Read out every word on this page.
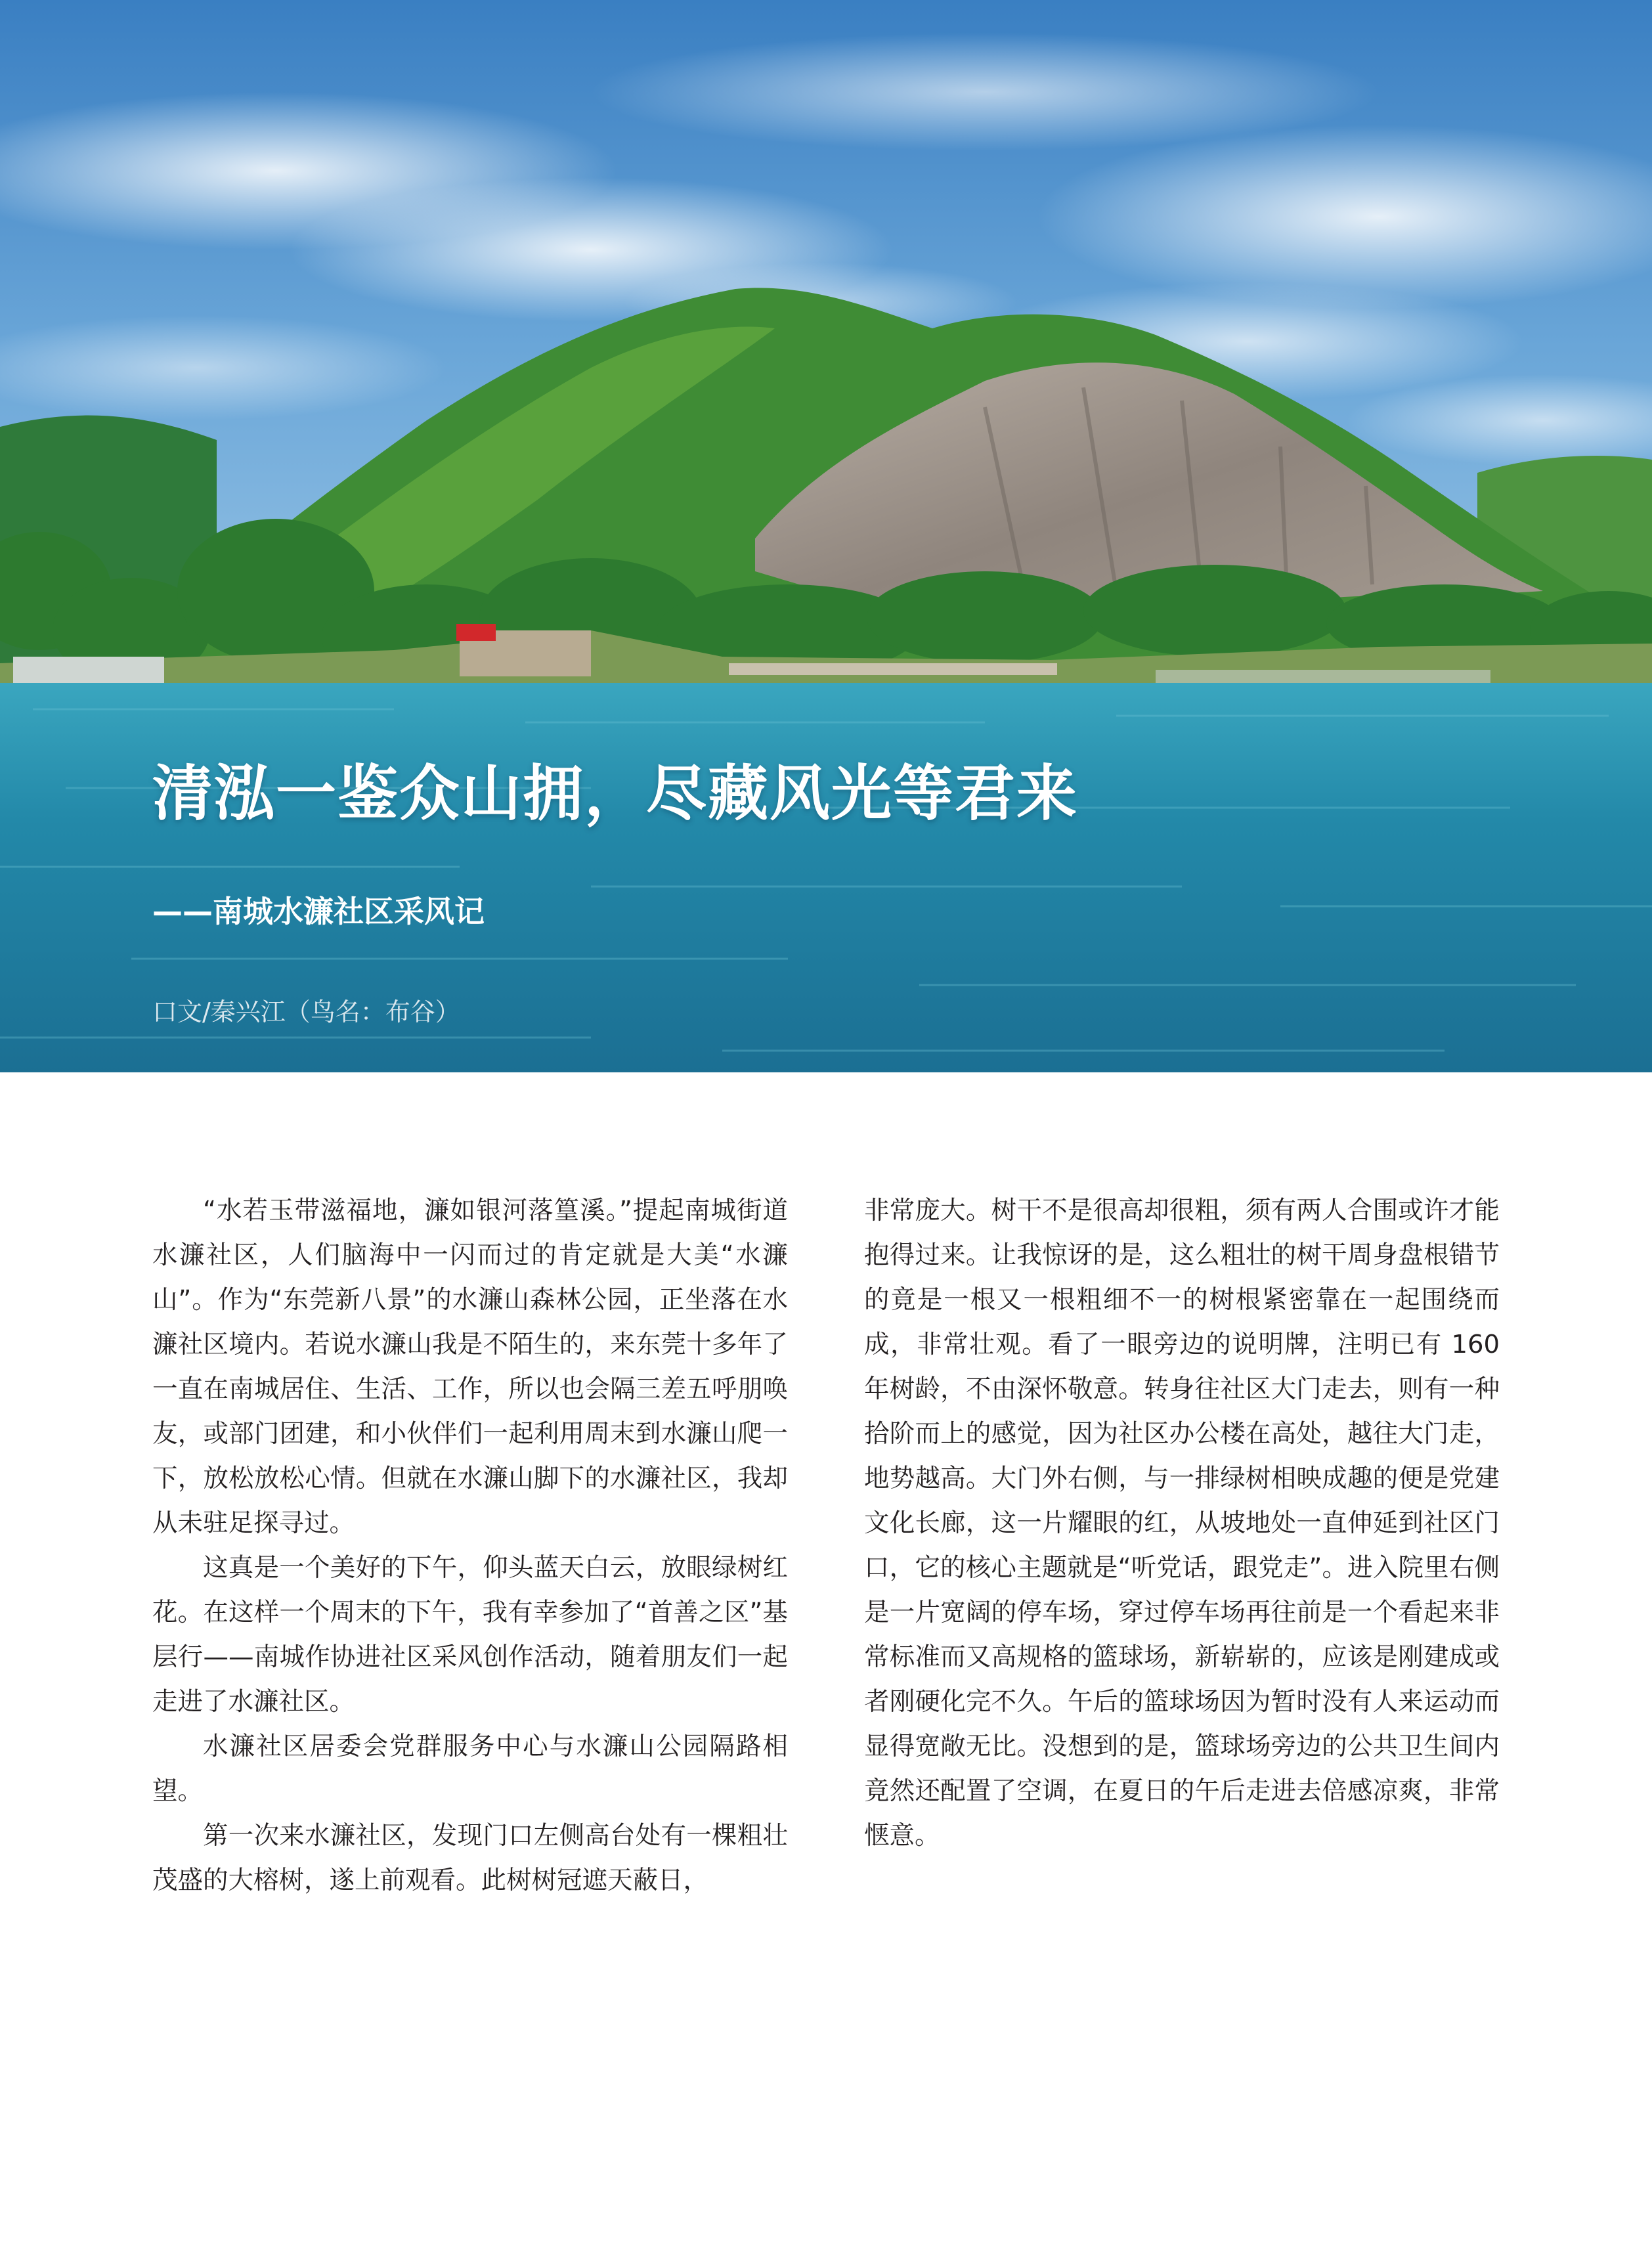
清泓一鉴众山拥，尽藏风光等君来
——南城水濂社区采风记
口文/秦兴江（鸟名：布谷）

“水若玉带滋福地，濂如银河落篁溪。”提起南城街道水濂社区，人们脑海中一闪而过的肯定就是大美“水濂山”。作为“东莞新八景”的水濂山森林公园，正坐落在水濂社区境内。若说水濂山我是不陌生的，来东莞十多年了一直在南城居住、生活、工作，所以也会隔三差五呼朋唤友，或部门团建，和小伙伴们一起利用周末到水濂山爬一下，放松放松心情。但就在水濂山脚下的水濂社区，我却从未驻足探寻过。

这真是一个美好的下午，仰头蓝天白云，放眼绿树红花。在这样一个周末的下午，我有幸参加了“首善之区”基层行——南城作协进社区采风创作活动，随着朋友们一起走进了水濂社区。

水濂社区居委会党群服务中心与水濂山公园隔路相望。

第一次来水濂社区，发现门口左侧高台处有一棵粗壮茂盛的大榕树，遂上前观看。此树树冠遮天蔽日，

非常庞大。树干不是很高却很粗，须有两人合围或许才能抱得过来。让我惊讶的是，这么粗壮的树干周身盘根错节的竟是一根又一根粗细不一的树根紧密靠在一起围绕而成，非常壮观。看了一眼旁边的说明牌，注明已有 160 年树龄，不由深怀敬意。转身往社区大门走去，则有一种拾阶而上的感觉，因为社区办公楼在高处，越往大门走，地势越高。大门外右侧，与一排绿树相映成趣的便是党建文化长廊，这一片耀眼的红，从坡地处一直伸延到社区门口，它的核心主题就是“听党话，跟党走”。进入院里右侧是一片宽阔的停车场，穿过停车场再往前是一个看起来非常标准而又高规格的篮球场，新崭崭的，应该是刚建成或者刚硬化完不久。午后的篮球场因为暂时没有人来运动而显得宽敞无比。没想到的是，篮球场旁边的公共卫生间内竟然还配置了空调，在夏日的午后走进去倍感凉爽，非常惬意。
